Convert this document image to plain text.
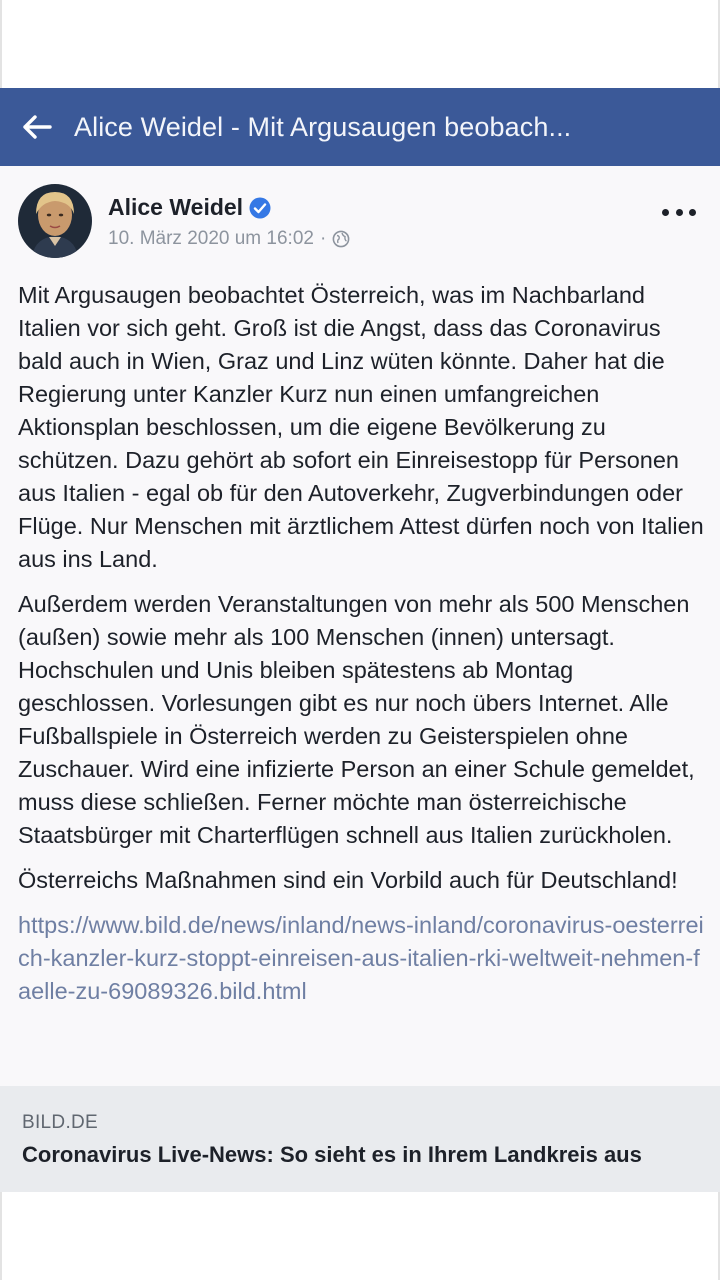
Alice Weidel - Mit Argusaugen beobach...
Alice Weidel
10. März 2020 um 16:02 ·

Mit Argusaugen beobachtet Österreich, was im Nachbarland Italien vor sich geht. Groß ist die Angst, dass das Coronavirus bald auch in Wien, Graz und Linz wüten könnte. Daher hat die Regierung unter Kanzler Kurz nun einen umfangreichen Aktionsplan beschlossen, um die eigene Bevölkerung zu schützen. Dazu gehört ab sofort ein Einreisestopp für Personen aus Italien - egal ob für den Autoverkehr, Zugverbindungen oder Flüge. Nur Menschen mit ärztlichem Attest dürfen noch von Italien aus ins Land.

Außerdem werden Veranstaltungen von mehr als 500 Menschen (außen) sowie mehr als 100 Menschen (innen) untersagt. Hochschulen und Unis bleiben spätestens ab Montag geschlossen. Vorlesungen gibt es nur noch übers Internet. Alle Fußballspiele in Österreich werden zu Geisterspielen ohne Zuschauer. Wird eine infizierte Person an einer Schule gemeldet, muss diese schließen. Ferner möchte man österreichische Staatsbürger mit Charterflügen schnell aus Italien zurückholen.

Österreichs Maßnahmen sind ein Vorbild auch für Deutschland!

https://www.bild.de/news/inland/news-inland/coronavirus-oesterreich-kanzler-kurz-stoppt-einreisen-aus-italien-rki-weltweit-nehmen-faelle-zu-69089326.bild.html
BILD.DE
Coronavirus Live-News: So sieht es in Ihrem Landkreis aus
